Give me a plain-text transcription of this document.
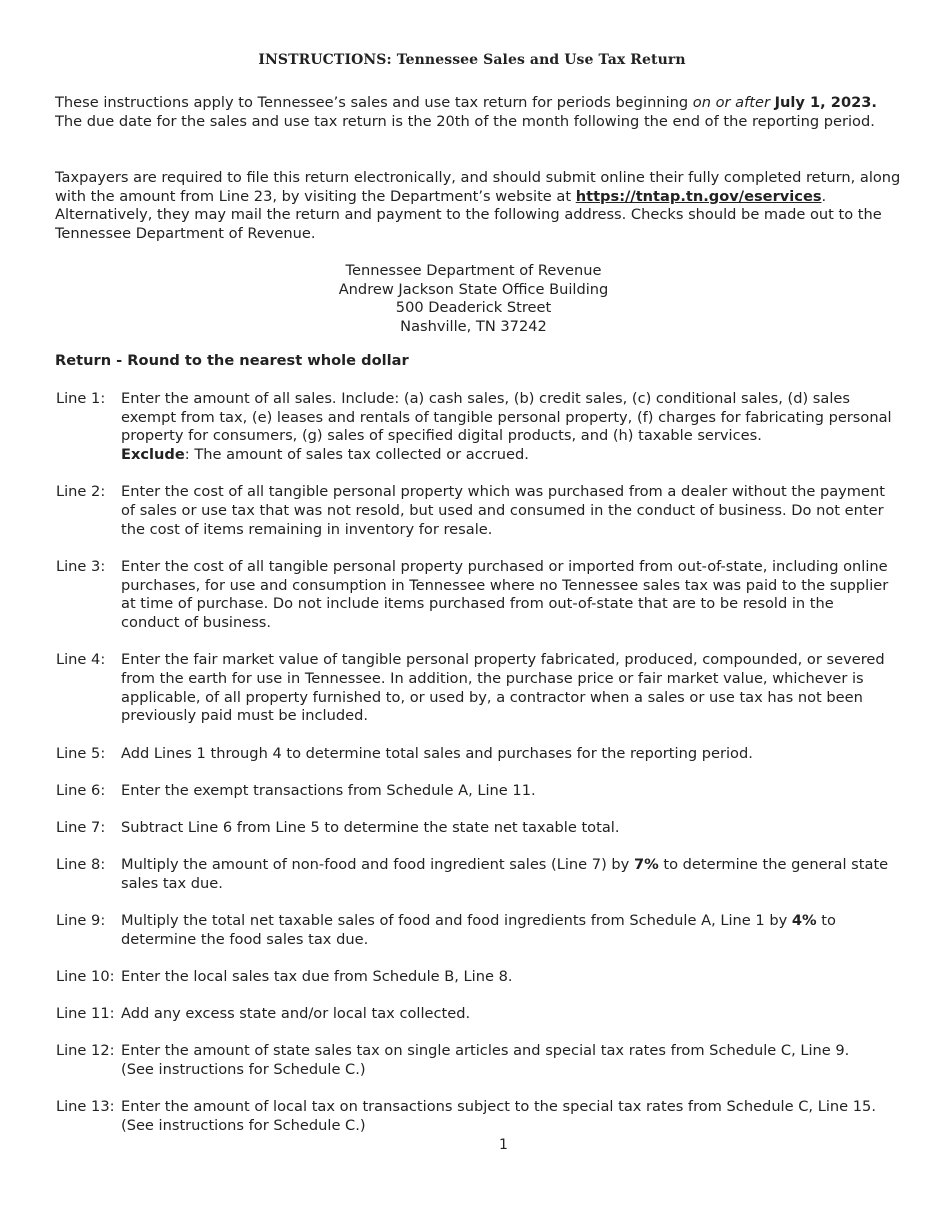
INSTRUCTIONS: Tennessee Sales and Use Tax Return

These instructions apply to Tennessee’s sales and use tax return for periods beginning on or after July 1, 2023.
The due date for the sales and use tax return is the 20th of the month following the end of the reporting period.

Taxpayers are required to file this return electronically, and should submit online their fully completed return, along with the amount from Line 23, by visiting the Department’s website at https://tntap.tn.gov/eservices. Alternatively, they may mail the return and payment to the following address. Checks should be made out to the Tennessee Department of Revenue.

Tennessee Department of Revenue
Andrew Jackson State Office Building
500 Deaderick Street
Nashville, TN 37242
Return - Round to the nearest whole dollar
Line 1:	Enter the amount of all sales. Include: (a) cash sales, (b) credit sales, (c) conditional sales, (d) sales exempt from tax, (e) leases and rentals of tangible personal property, (f) charges for fabricating personal property for consumers, (g) sales of specified digital products, and (h) taxable services.
Exclude: The amount of sales tax collected or accrued.
Line 2:	Enter the cost of all tangible personal property which was purchased from a dealer without the payment of sales or use tax that was not resold, but used and consumed in the conduct of business. Do not enter the cost of items remaining in inventory for resale.
Line 3:	Enter the cost of all tangible personal property purchased or imported from out-of-state, including online purchases, for use and consumption in Tennessee where no Tennessee sales tax was paid to the supplier at time of purchase. Do not include items purchased from out-of-state that are to be resold in the conduct of business.
Line 4:	Enter the fair market value of tangible personal property fabricated, produced, compounded, or severed from the earth for use in Tennessee. In addition, the purchase price or fair market value, whichever is applicable, of all property furnished to, or used by, a contractor when a sales or use tax has not been previously paid must be included.
Line 5:	Add Lines 1 through 4 to determine total sales and purchases for the reporting period.
Line 6:	Enter the exempt transactions from Schedule A, Line 11.
Line 7:	Subtract Line 6 from Line 5 to determine the state net taxable total.
Line 8:	Multiply the amount of non-food and food ingredient sales (Line 7) by 7% to determine the general state sales tax due.
Line 9:	Multiply the total net taxable sales of food and food ingredients from Schedule A, Line 1 by 4% to determine the food sales tax due.
Line 10: Enter the local sales tax due from Schedule B, Line 8.
Line 11: Add any excess state and/or local tax collected.
Line 12: Enter the amount of state sales tax on single articles and special tax rates from Schedule C, Line 9.
(See instructions for Schedule C.)
Line 13: Enter the amount of local tax on transactions subject to the special tax rates from Schedule C, Line 15.
(See instructions for Schedule C.)
1
